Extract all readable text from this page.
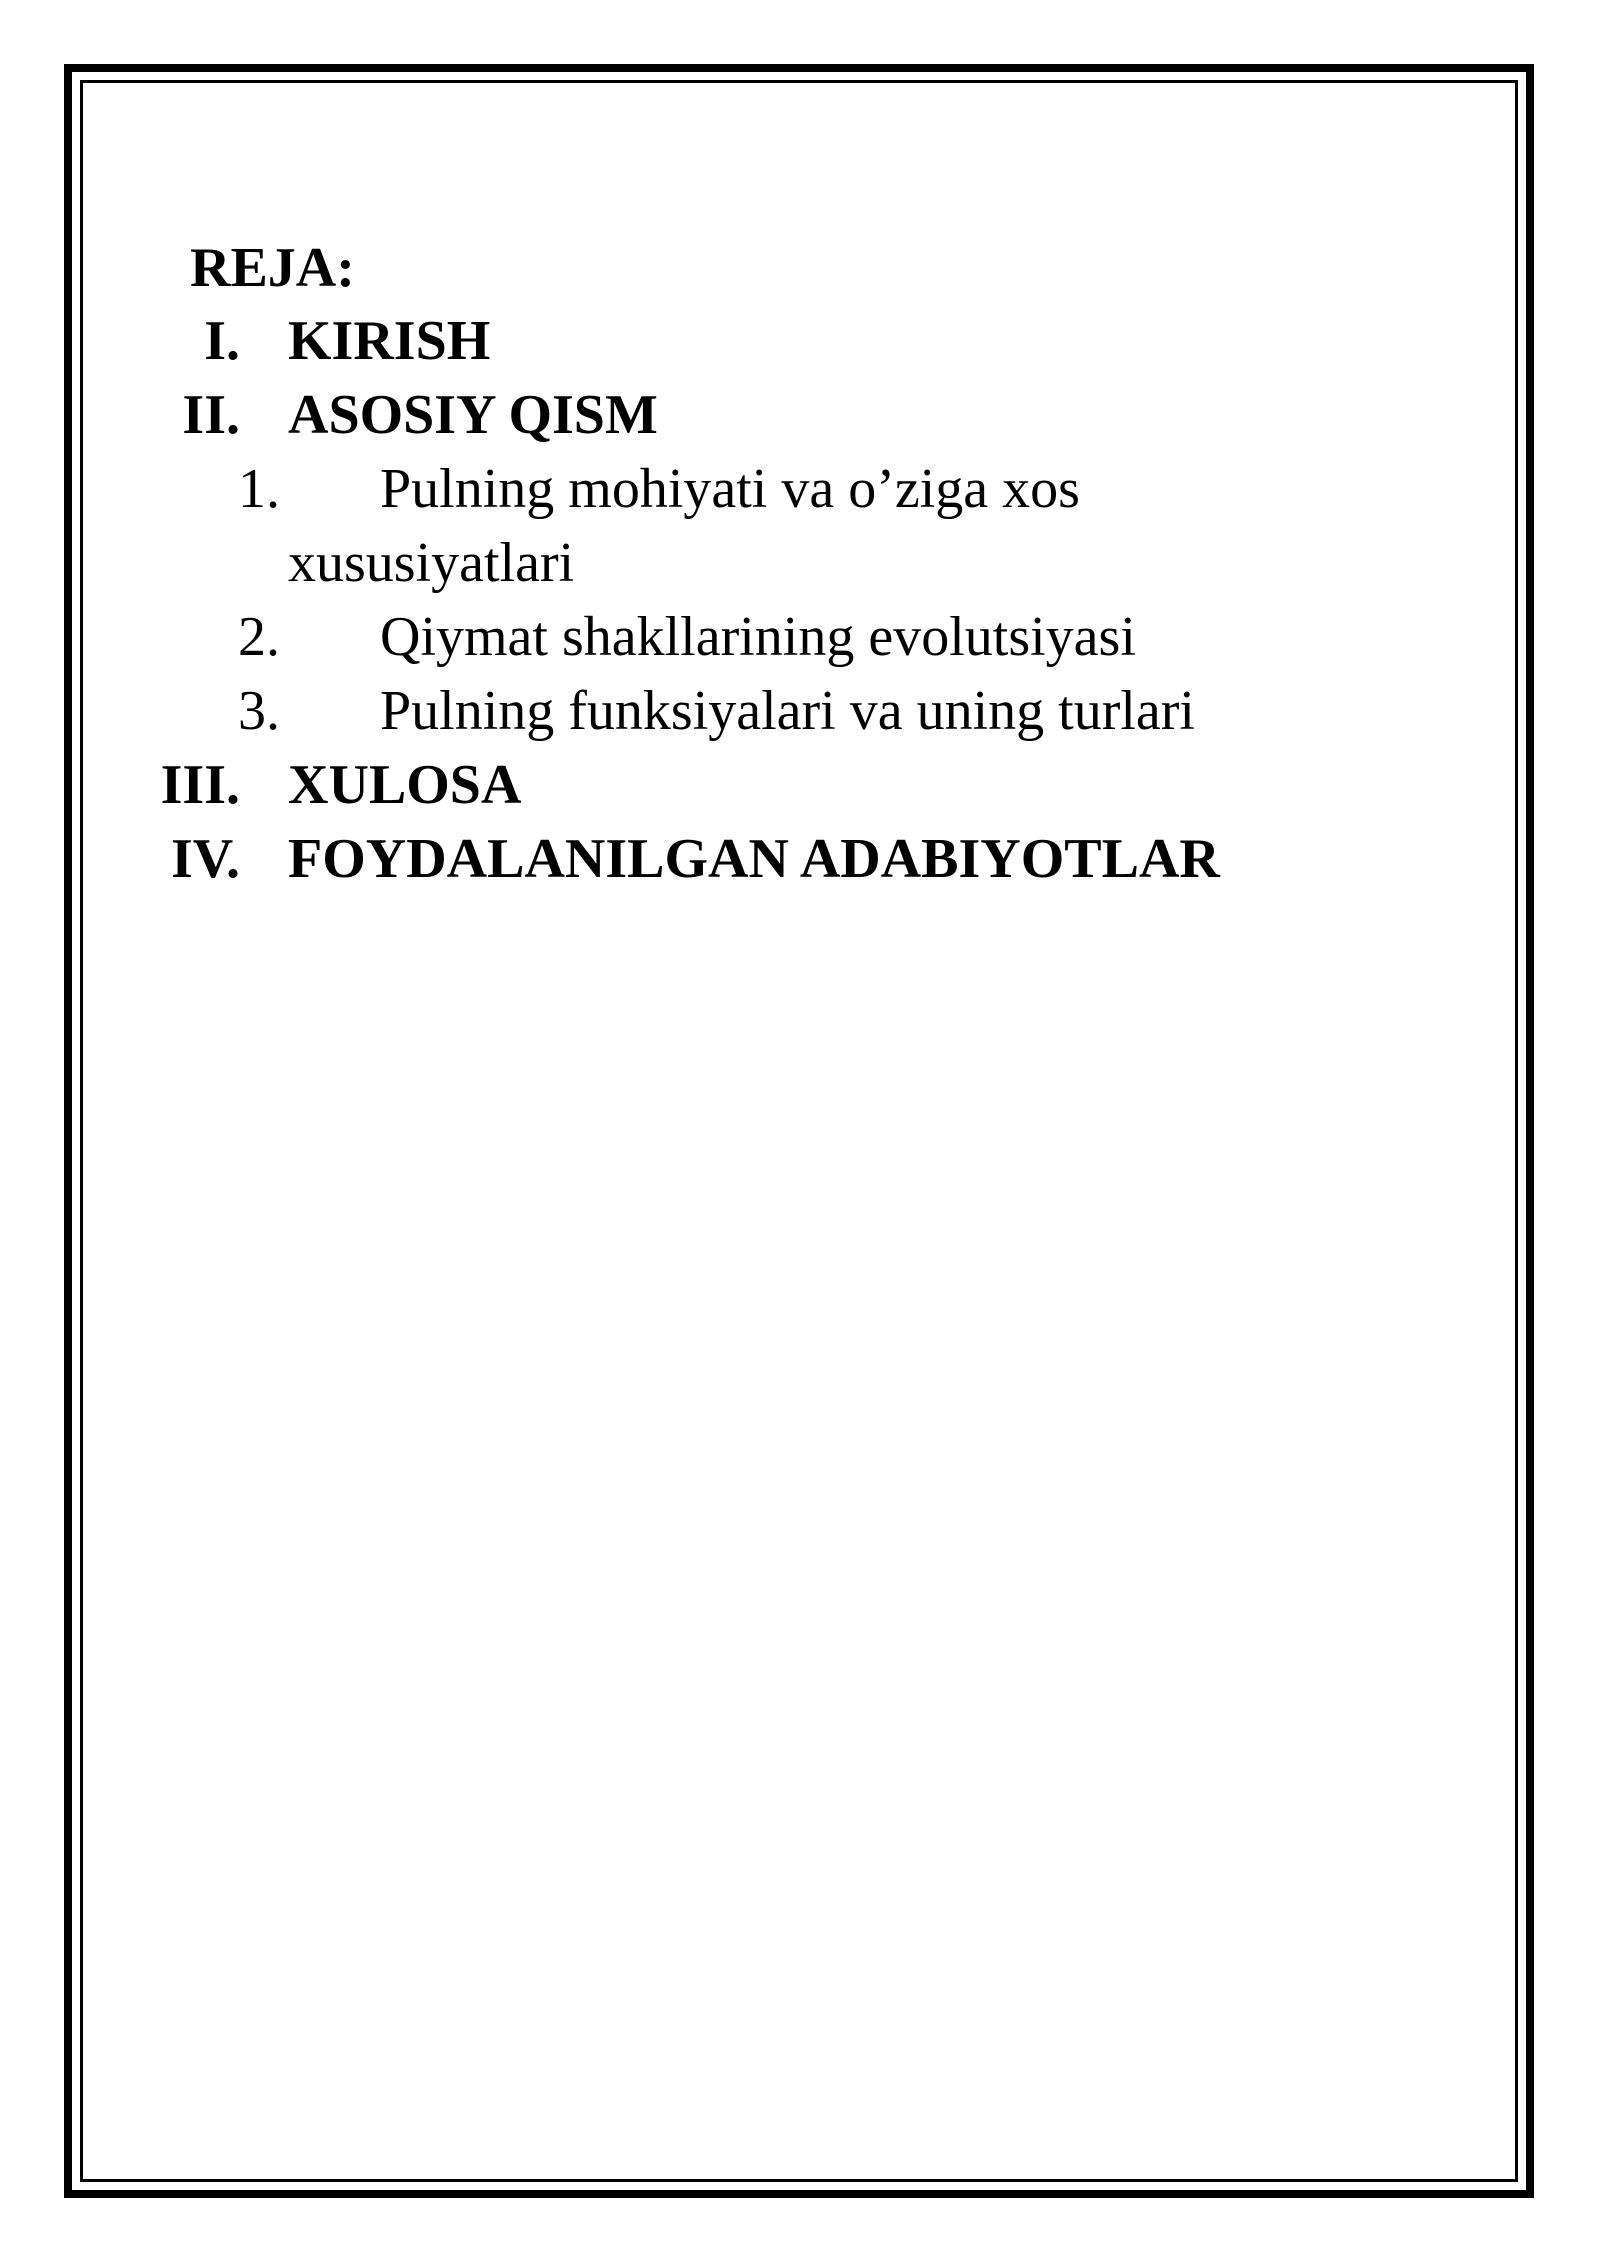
REJA:
I. KIRISH
II. ASOSIY QISM
1. Pulning mohiyati va o’ziga xos
xususiyatlari
2. Qiymat shakllarining evolutsiyasi
3. Pulning funksiyalari va uning turlari
III. XULOSA
IV. FOYDALANILGAN ADABIYOTLAR
